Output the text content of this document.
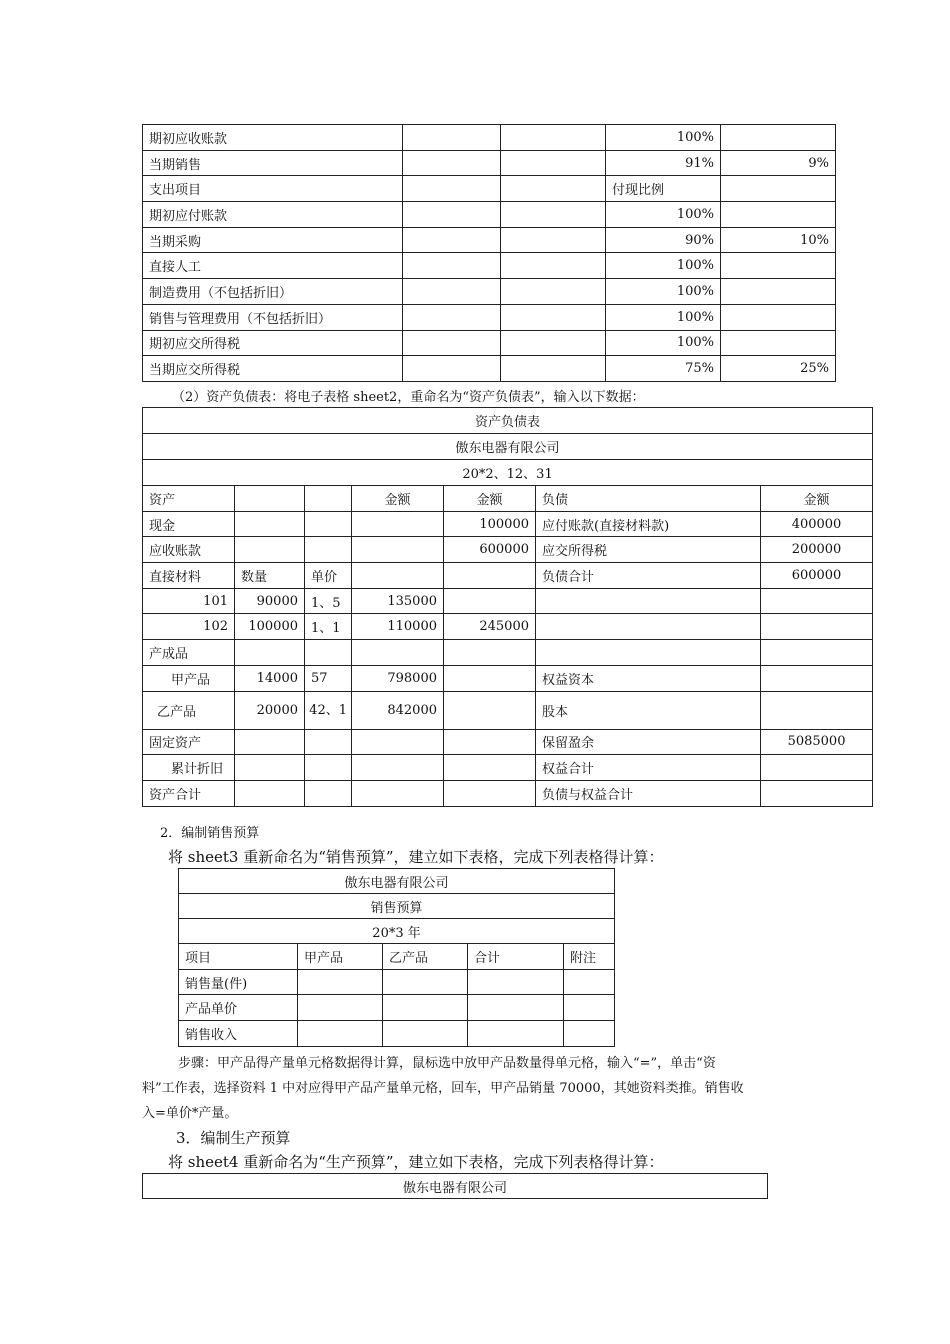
期初应收账款			100%	
当期销售			91%	9%
支出项目			付现比例	
期初应付账款			100%	
当期采购			90%	10%
直接人工			100%	
制造费用（不包括折旧）			100%	
销售与管理费用（不包括折旧）			100%	
期初应交所得税			100%	
当期应交所得税			75%	25%
（2）资产负债表：将电子表格 sheet2，重命名为“资产负债表”，输入以下数据：
资产负债表						
傲东电器有限公司						
20*2、12、31						
资产			金额	金额	负债	金额
现金				100000	应付账款(直接材料款)	400000
应收账款				600000	应交所得税	200000
直接材料	数量	单价			负债合计	600000
101	90000	1、5	135000			
102	100000	1、1	110000	245000		
产成品						
甲产品	14000	57	798000		权益资本	
乙产品	20000	42、1	842000		股本	
固定资产					保留盈余	5085000
累计折旧					权益合计	
资产合计					负债与权益合计	
2．编制销售预算
将 sheet3 重新命名为“销售预算”，建立如下表格，完成下列表格得计算：
傲东电器有限公司				
销售预算				
20*3 年				
项目	甲产品	乙产品	合计	附注
销售量(件)				
产品单价				
销售收入				
步骤：甲产品得产量单元格数据得计算，鼠标选中放甲产品数量得单元格，输入“=”，单击“资
料”工作表，选择资料 1 中对应得甲产品产量单元格，回车，甲产品销量 70000，其她资料类推。销售收
入=单价*产量。
3．编制生产预算
将 sheet4 重新命名为“生产预算”，建立如下表格，完成下列表格得计算：
傲东电器有限公司
